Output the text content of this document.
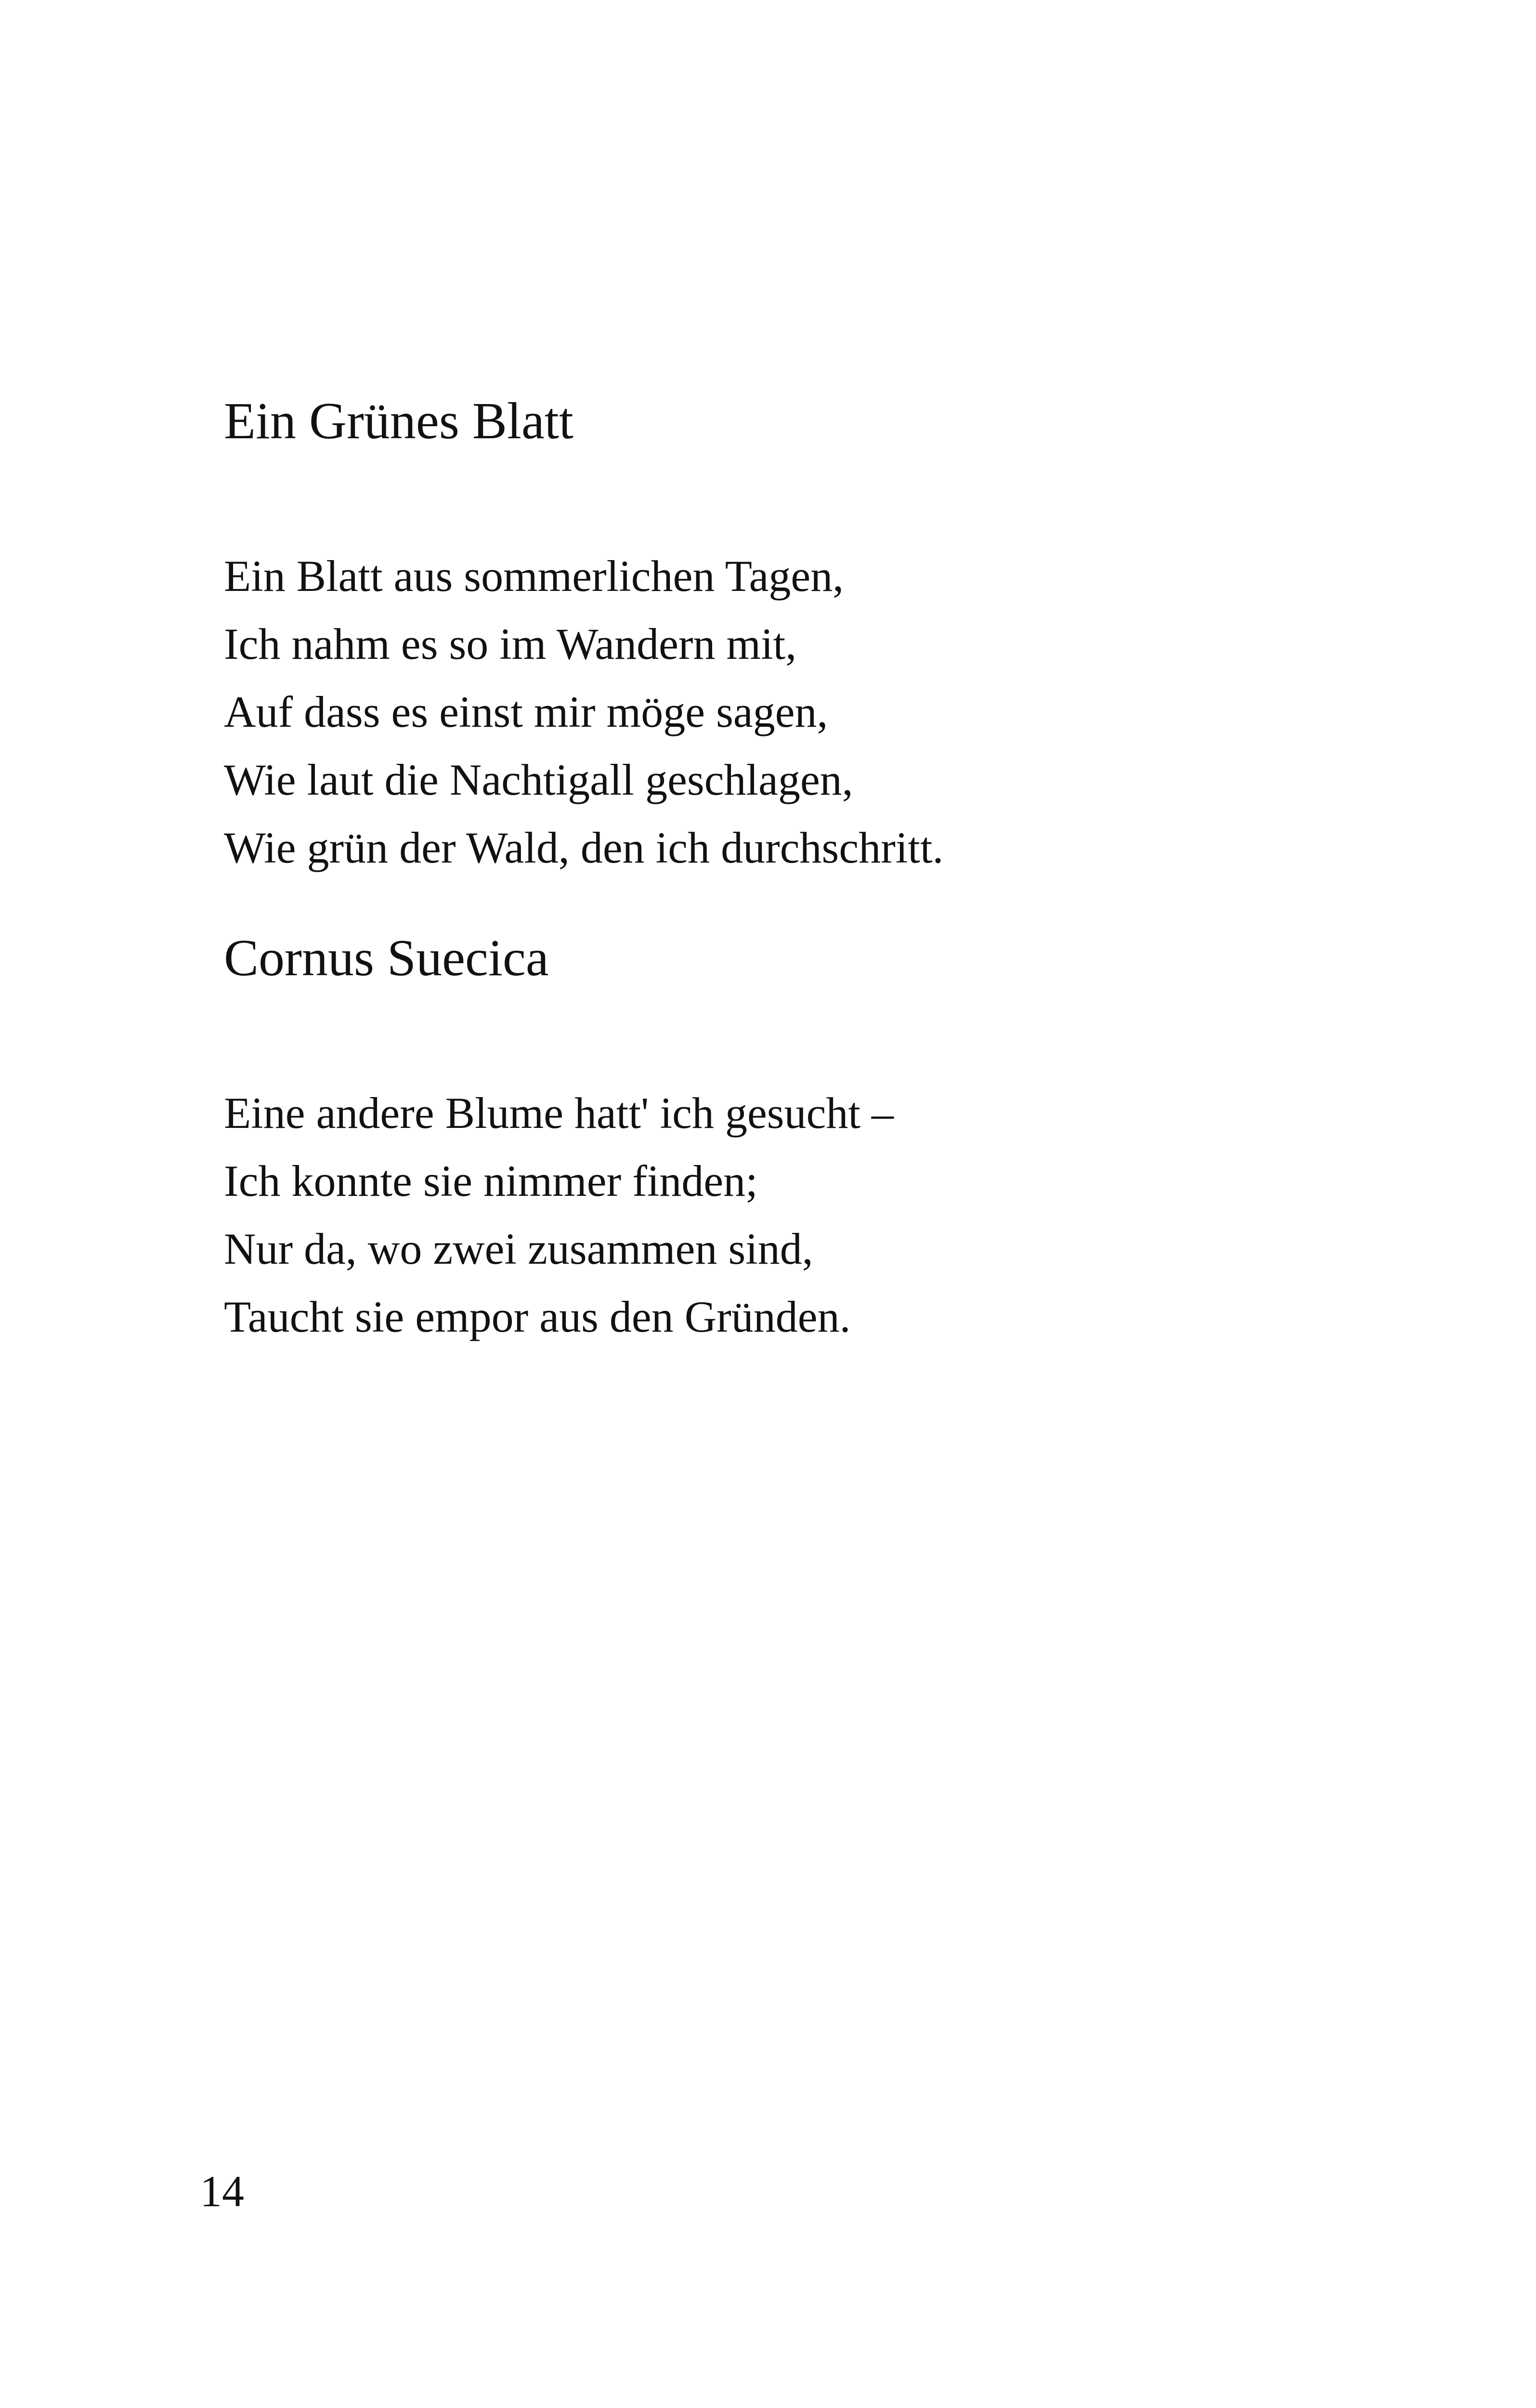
Ein Grünes Blatt
Ein Blatt aus sommerlichen Tagen,
Ich nahm es so im Wandern mit,
Auf dass es einst mir möge sagen,
Wie laut die Nachtigall geschlagen,
Wie grün der Wald, den ich durchschritt.
Cornus Suecica
Eine andere Blume hatt' ich gesucht –
Ich konnte sie nimmer finden;
Nur da, wo zwei zusammen sind,
Taucht sie empor aus den Gründen.
14
